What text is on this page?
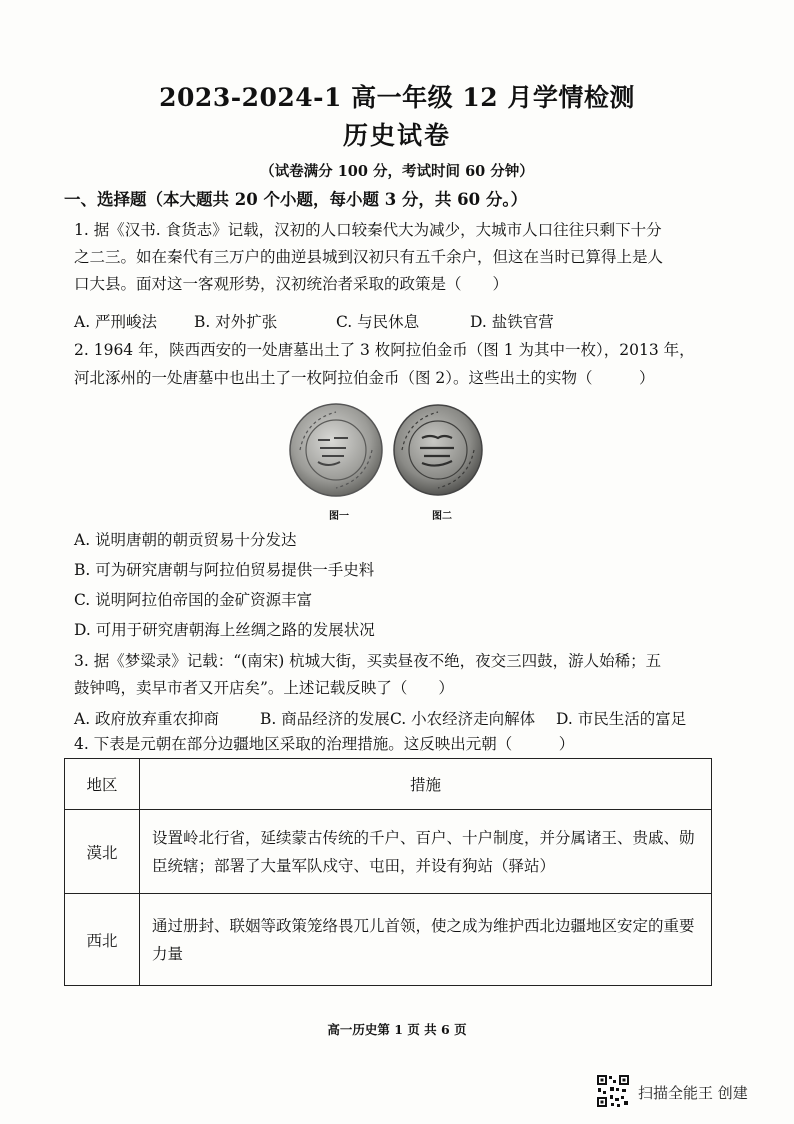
2023-2024-1 高一年级 12 月学情检测
历史试卷
（试卷满分 100 分，考试时间 60 分钟）
一、选择题（本大题共 20 个小题，每小题 3 分，共 60 分。）
1. 据《汉书. 食货志》记载，汉初的人口较秦代大为减少，大城市人口往往只剩下十分
之二三。如在秦代有三万户的曲逆县城到汉初只有五千余户，但这在当时已算得上是人
口大县。面对这一客观形势，汉初统治者采取的政策是（　　）
A. 严刑峻法 B. 对外扩张	C. 与民休息	D. 盐铁官营
2. 1964 年，陕西西安的一处唐墓出土了 3 枚阿拉伯金币（图 1 为其中一枚），2013 年，
河北涿州的一处唐墓中也出土了一枚阿拉伯金币（图 2）。这些出土的实物（　　　）
图一	图二
A. 说明唐朝的朝贡贸易十分发达
B. 可为研究唐朝与阿拉伯贸易提供一手史料
C. 说明阿拉伯帝国的金矿资源丰富
D. 可用于研究唐朝海上丝绸之路的发展状况
3. 据《梦粱录》记载：“(南宋) 杭城大街，买卖昼夜不绝，夜交三四鼓，游人始稀；五
鼓钟鸣，卖早市者又开店矣”。上述记载反映了（　　）
A. 政府放弃重农抑商	B. 商品经济的发展 C. 小农经济走向解体 D. 市民生活的富足
4. 下表是元朝在部分边疆地区采取的治理措施。这反映出元朝（　　　）
地区	措施
漠北	设置岭北行省，延续蒙古传统的千户、百户、十户制度，并分属诸王、贵戚、勋臣统辖；部署了大量军队戍守、屯田，并设有狗站（驿站）
西北	通过册封、联姻等政策笼络畏兀儿首领，使之成为维护西北边疆地区安定的重要力量
高一历史第 1 页 共 6 页
扫描全能王 创建
